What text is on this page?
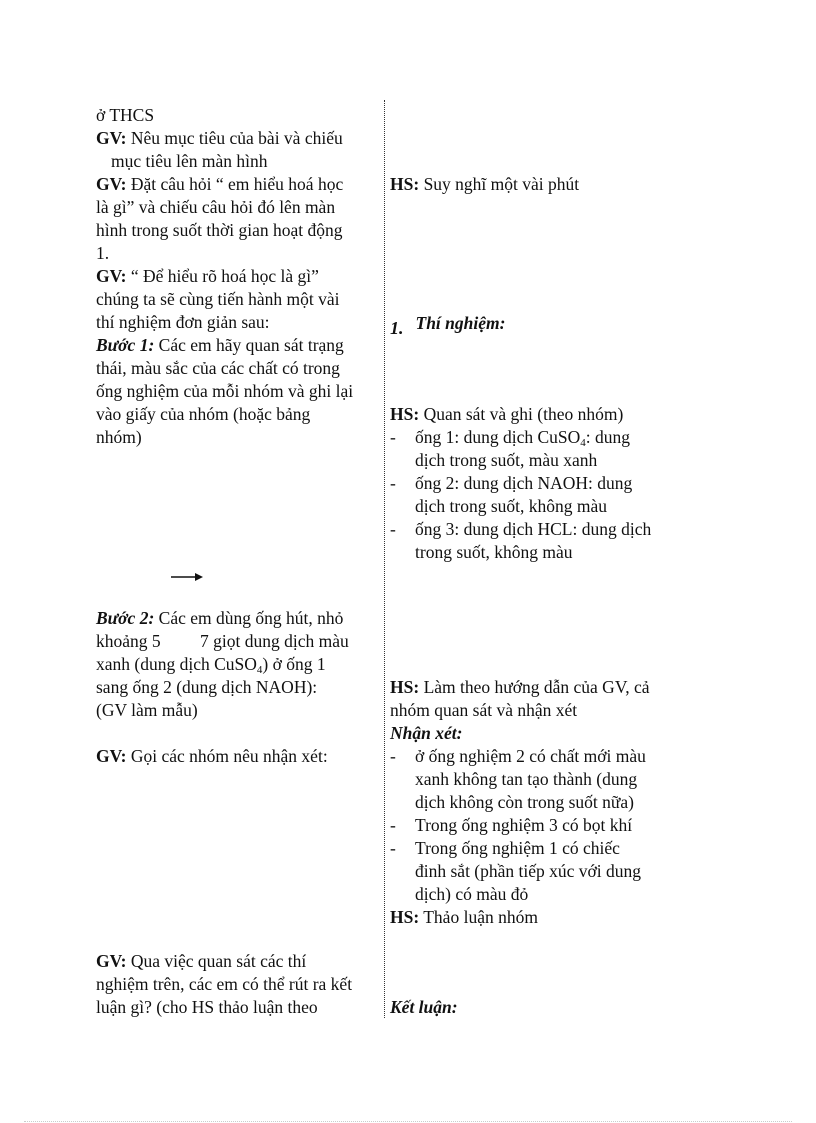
ở THCS
GV: Nêu mục tiêu của bài và chiếu
mục tiêu lên màn hình
GV: Đặt câu hỏi “ em hiểu hoá học
là gì” và chiếu câu hỏi đó lên màn
hình trong suốt thời gian hoạt động
1.
GV: “ Để hiểu rõ hoá học là gì”
chúng ta sẽ cùng tiến hành một vài
thí nghiệm đơn giản sau:
Bước 1: Các em hãy quan sát trạng
thái, màu sắc của các chất có trong
ống nghiệm của mỗi nhóm và ghi lại
vào giấy của nhóm (hoặc bảng
nhóm)
Bước 2: Các em dùng ống hút, nhỏ
khoảng 5         7 giọt dung dịch màu
xanh (dung dịch CuSO$_4$) ở ống 1
sang ống 2 (dung dịch NAOH):
(GV làm mẫu)
GV: Gọi các nhóm nêu nhận xét:
GV: Qua việc quan sát các thí
nghiệm trên, các em có thể rút ra kết
luận gì? (cho HS thảo luận theo
HS: Suy nghĩ một vài phút
1. Thí nghiệm:
HS: Quan sát và ghi (theo nhóm)
- ống 1: dung dịch CuSO$_4$: dung
dịch trong suốt, màu xanh
- ống 2: dung dịch NAOH: dung
dịch trong suốt, không màu
- ống 3: dung dịch HCL: dung dịch
trong suốt, không màu
HS: Làm theo hướng dẫn của GV, cả
nhóm quan sát và nhận xét
Nhận xét:
- ở ống nghiệm 2 có chất mới màu
xanh không tan tạo thành (dung
dịch không còn trong suốt nữa)
- Trong ống nghiệm 3 có bọt khí
- Trong ống nghiệm 1 có chiếc
đinh sắt (phần tiếp xúc với dung
dịch) có màu đỏ
HS: Thảo luận nhóm
Kết luận:
